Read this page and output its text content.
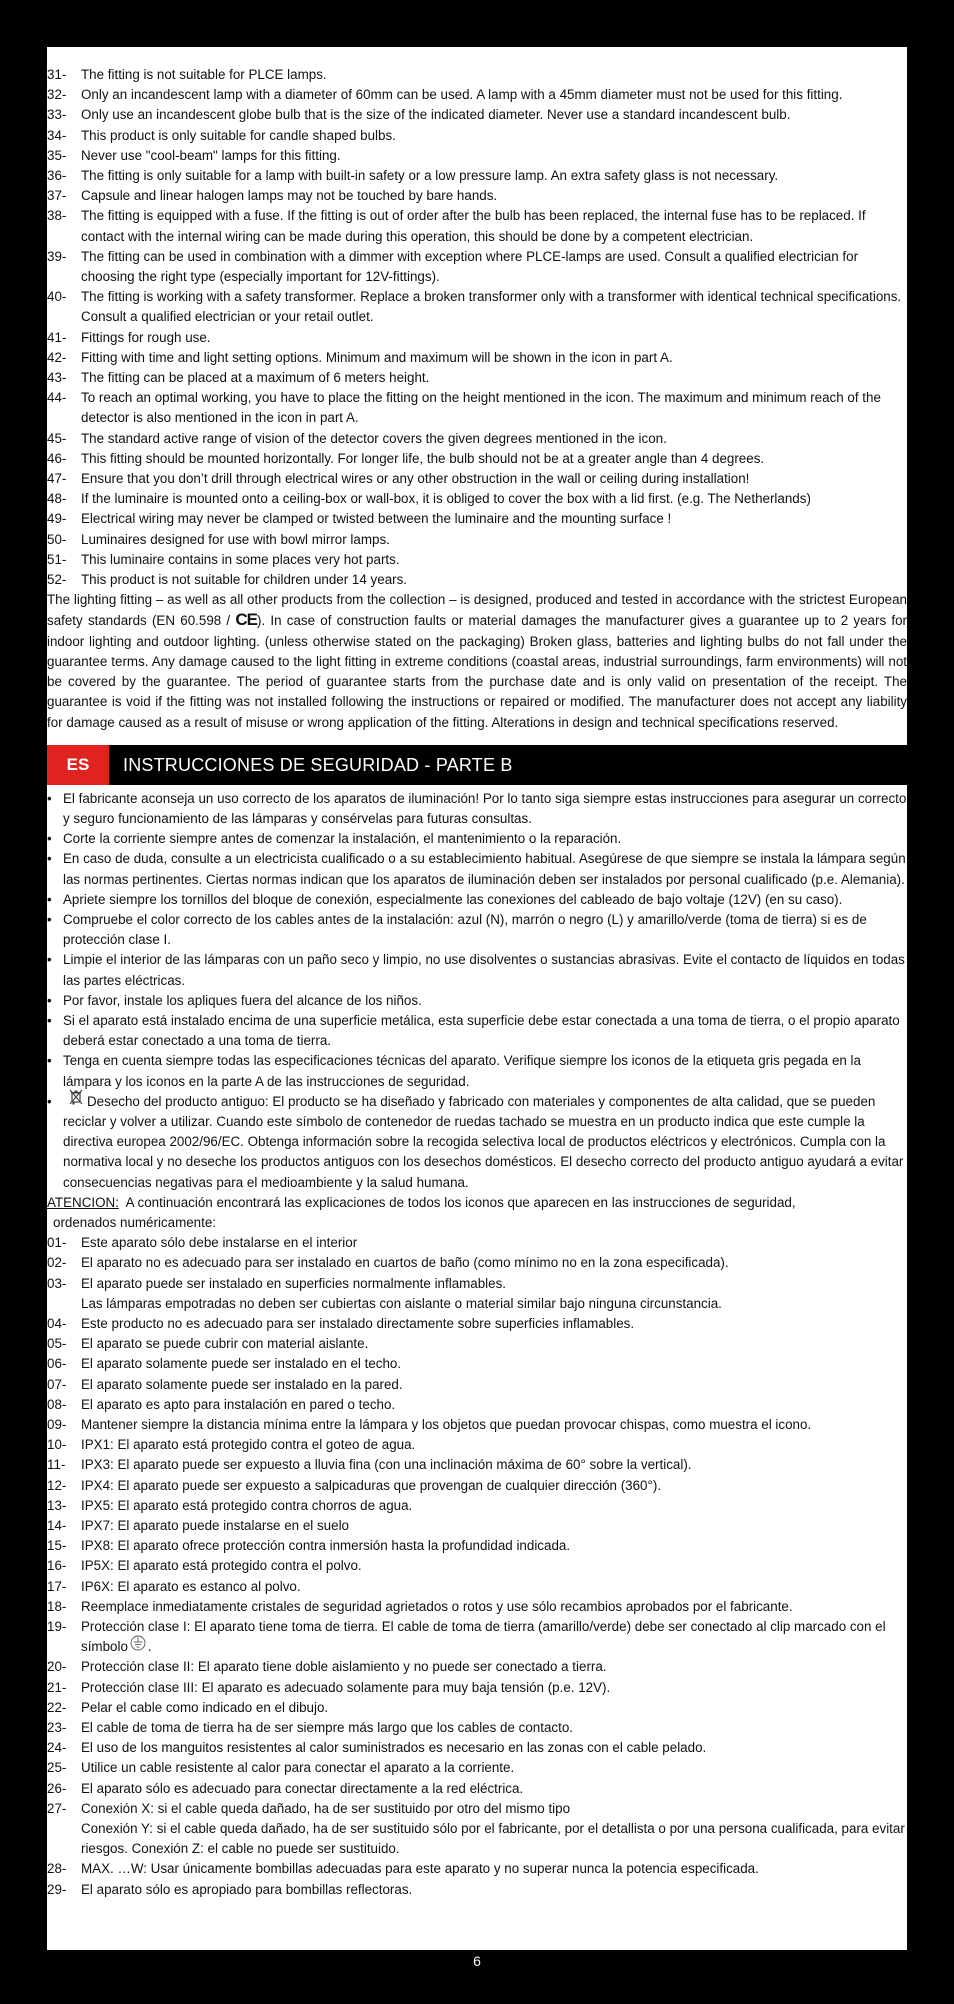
31-	The fitting is not suitable for PLCE lamps.
32-	Only an incandescent lamp with a diameter of 60mm can be used. A lamp with a 45mm diameter must not be used for this fitting.
33-	Only use an incandescent globe bulb that is the size of the indicated diameter. Never use a standard incandescent bulb.
34-	This product is only suitable for candle shaped bulbs.
35-	Never use "cool-beam" lamps for this fitting.
36-	The fitting is only suitable for a lamp with built-in safety or a low pressure lamp. An extra safety glass is not necessary.
37-	Capsule and linear halogen lamps may not be touched by bare hands.
38-	The fitting is equipped with a fuse. If the fitting is out of order after the bulb has been replaced, the internal fuse has to be replaced. If contact with the internal wiring can be made during this operation, this should be done by a competent electrician.
39-	The fitting can be used in combination with a dimmer with exception where PLCE-lamps are used. Consult a qualified electrician for choosing the right type (especially important for 12V-fittings).
40-	The fitting is working with a safety transformer. Replace a broken transformer only with a transformer with identical technical specifications. Consult a qualified electrician or your retail outlet.
41-	Fittings for rough use.
42-	Fitting with time and light setting options. Minimum and maximum will be shown in the icon in part A.
43-	The fitting can be placed at a maximum of 6 meters height.
44-	To reach an optimal working, you have to place the fitting on the height mentioned in the icon. The maximum and minimum reach of the detector is also mentioned in the icon in part A.
45-	The standard active range of vision of the detector covers the given degrees mentioned in the icon.
46-	This fitting should be mounted horizontally. For longer life, the bulb should not be at a greater angle than 4 degrees.
47-	Ensure that you don’t drill through electrical wires or any other obstruction in the wall or ceiling during installation!
48-	If the luminaire is mounted onto a ceiling-box or wall-box, it is obliged to cover the box with a lid first. (e.g. The Netherlands)
49-	Electrical wiring may never be clamped or twisted between the luminaire and the mounting surface !
50-	Luminaires designed for use with bowl mirror lamps.
51-	This luminaire contains in some places very hot parts.
52-	This product is not suitable for children under 14 years.
The lighting fitting – as well as all other products from the collection – is designed, produced and tested in accordance with the strictest European safety standards (EN 60.598 / CE). In case of construction faults or material damages the manufacturer gives a guarantee up to 2 years for indoor lighting and outdoor lighting. (unless otherwise stated on the packaging) Broken glass, batteries and lighting bulbs do not fall under the guarantee terms. Any damage caused to the light fitting in extreme conditions (coastal areas, industrial surroundings, farm environments) will not be covered by the guarantee. The period of guarantee starts from the purchase date and is only valid on presentation of the receipt. The guarantee is void if the fitting was not installed following the instructions or repaired or modified. The manufacturer does not accept any liability for damage caused as a result of misuse or wrong application of the fitting. Alterations in design and technical specifications reserved.
ES	INSTRUCCIONES DE SEGURIDAD - PARTE B
• El fabricante aconseja un uso correcto de los aparatos de iluminación! Por lo tanto siga siempre estas instrucciones para asegurar un correcto y seguro funcionamiento de las lámparas y consérvelas para futuras consultas.
• Corte la corriente siempre antes de comenzar la instalación, el mantenimiento o la reparación.
• En caso de duda, consulte a un electricista cualificado o a su establecimiento habitual. Asegúrese de que siempre se instala la lámpara según las normas pertinentes. Ciertas normas indican que los aparatos de iluminación deben ser instalados por personal cualificado (p.e. Alemania).
• Apriete siempre los tornillos del bloque de conexión, especialmente las conexiones del cableado de bajo voltaje (12V) (en su caso).
• Compruebe el color correcto de los cables antes de la instalación: azul (N), marrón o negro (L) y amarillo/verde (toma de tierra) si es de protección clase I.
• Limpie el interior de las lámparas con un paño seco y limpio, no use disolventes o sustancias abrasivas. Evite el contacto de líquidos en todas las partes eléctricas.
• Por favor, instale los apliques fuera del alcance de los niños.
• Si el aparato está instalado encima de una superficie metálica, esta superficie debe estar conectada a una toma de tierra, o el propio aparato deberá estar conectado a una toma de tierra.
• Tenga en cuenta siempre todas las especificaciones técnicas del aparato. Verifique siempre los iconos de la etiqueta gris pegada en la lámpara y los iconos en la parte A de las instrucciones de seguridad.
•	Desecho del producto antiguo: El producto se ha diseñado y fabricado con materiales y componentes de alta calidad, que se pueden reciclar y volver a utilizar. Cuando este símbolo de contenedor de ruedas tachado se muestra en un producto indica que este cumple la directiva europea 2002/96/EC. Obtenga información sobre la recogida selectiva local de productos eléctricos y electrónicos. Cumpla con la normativa local y no deseche los productos antiguos con los desechos domésticos. El desecho correcto del producto antiguo ayudará a evitar consecuencias negativas para el medioambiente y la salud humana.
ATENCION: A continuación encontrará las explicaciones de todos los iconos que aparecen en las instrucciones de seguridad,
ordenados numéricamente:
01-	Este aparato sólo debe instalarse en el interior
02-	El aparato no es adecuado para ser instalado en cuartos de baño (como mínimo no en la zona especificada).
03-	El aparato puede ser instalado en superficies normalmente inflamables.
Las lámparas empotradas no deben ser cubiertas con aislante o material similar bajo ninguna circunstancia.
04-	Este producto no es adecuado para ser instalado directamente sobre superficies inflamables.
05-	El aparato se puede cubrir con material aislante.
06-	El aparato solamente puede ser instalado en el techo.
07-	El aparato solamente puede ser instalado en la pared.
08-	El aparato es apto para instalación en pared o techo.
09-	Mantener siempre la distancia mínima entre la lámpara y los objetos que puedan provocar chispas, como muestra el icono.
10-	IPX1: El aparato está protegido contra el goteo de agua.
11-	IPX3: El aparato puede ser expuesto a lluvia fina (con una inclinación máxima de 60° sobre la vertical).
12-	IPX4: El aparato puede ser expuesto a salpicaduras que provengan de cualquier dirección (360°).
13-	IPX5: El aparato está protegido contra chorros de agua.
14-	IPX7: El aparato puede instalarse en el suelo
15-	IPX8: El aparato ofrece protección contra inmersión hasta la profundidad indicada.
16-	IP5X: El aparato está protegido contra el polvo.
17-	IP6X: El aparato es estanco al polvo.
18-	Reemplace inmediatamente cristales de seguridad agrietados o rotos y use sólo recambios aprobados por el fabricante.
19-	Protección clase I: El aparato tiene toma de tierra. El cable de toma de tierra (amarillo/verde) debe ser conectado al clip marcado con el símbolo .
20-	Protección clase II: El aparato tiene doble aislamiento y no puede ser conectado a tierra.
21-	Protección clase III: El aparato es adecuado solamente para muy baja tensión (p.e. 12V).
22-	Pelar el cable como indicado en el dibujo.
23-	El cable de toma de tierra ha de ser siempre más largo que los cables de contacto.
24-	El uso de los manguitos resistentes al calor suministrados es necesario en las zonas con el cable pelado.
25-	Utilice un cable resistente al calor para conectar el aparato a la corriente.
26-	El aparato sólo es adecuado para conectar directamente a la red eléctrica.
27-	Conexión X: si el cable queda dañado, ha de ser sustituido por otro del mismo tipo
Conexión Y: si el cable queda dañado, ha de ser sustituido sólo por el fabricante, por el detallista o por una persona cualificada, para evitar riesgos. Conexión Z: el cable no puede ser sustituido.
28-	MAX. …W: Usar únicamente bombillas adecuadas para este aparato y no superar nunca la potencia especificada.
29-	El aparato sólo es apropiado para bombillas reflectoras.
6
